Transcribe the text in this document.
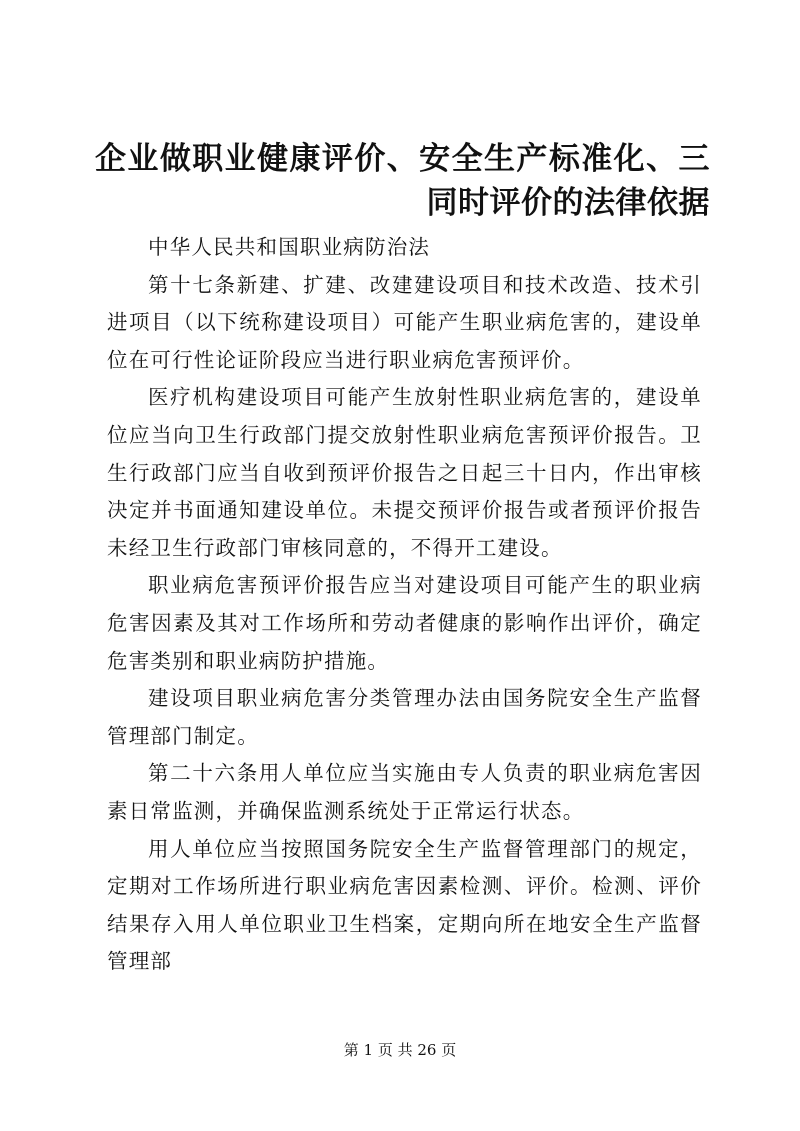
企业做职业健康评价、安全生产标准化、三同时评价的法律依据

中华人民共和国职业病防治法

第十七条新建、扩建、改建建设项目和技术改造、技术引进项目（以下统称建设项目）可能产生职业病危害的，建设单位在可行性论证阶段应当进行职业病危害预评价。

医疗机构建设项目可能产生放射性职业病危害的，建设单位应当向卫生行政部门提交放射性职业病危害预评价报告。卫生行政部门应当自收到预评价报告之日起三十日内，作出审核决定并书面通知建设单位。未提交预评价报告或者预评价报告未经卫生行政部门审核同意的，不得开工建设。

职业病危害预评价报告应当对建设项目可能产生的职业病危害因素及其对工作场所和劳动者健康的影响作出评价，确定危害类别和职业病防护措施。

建设项目职业病危害分类管理办法由国务院安全生产监督管理部门制定。

第二十六条用人单位应当实施由专人负责的职业病危害因素日常监测，并确保监测系统处于正常运行状态。

用人单位应当按照国务院安全生产监督管理部门的规定，定期对工作场所进行职业病危害因素检测、评价。检测、评价结果存入用人单位职业卫生档案，定期向所在地安全生产监督管理部

第 1 页 共 26 页
